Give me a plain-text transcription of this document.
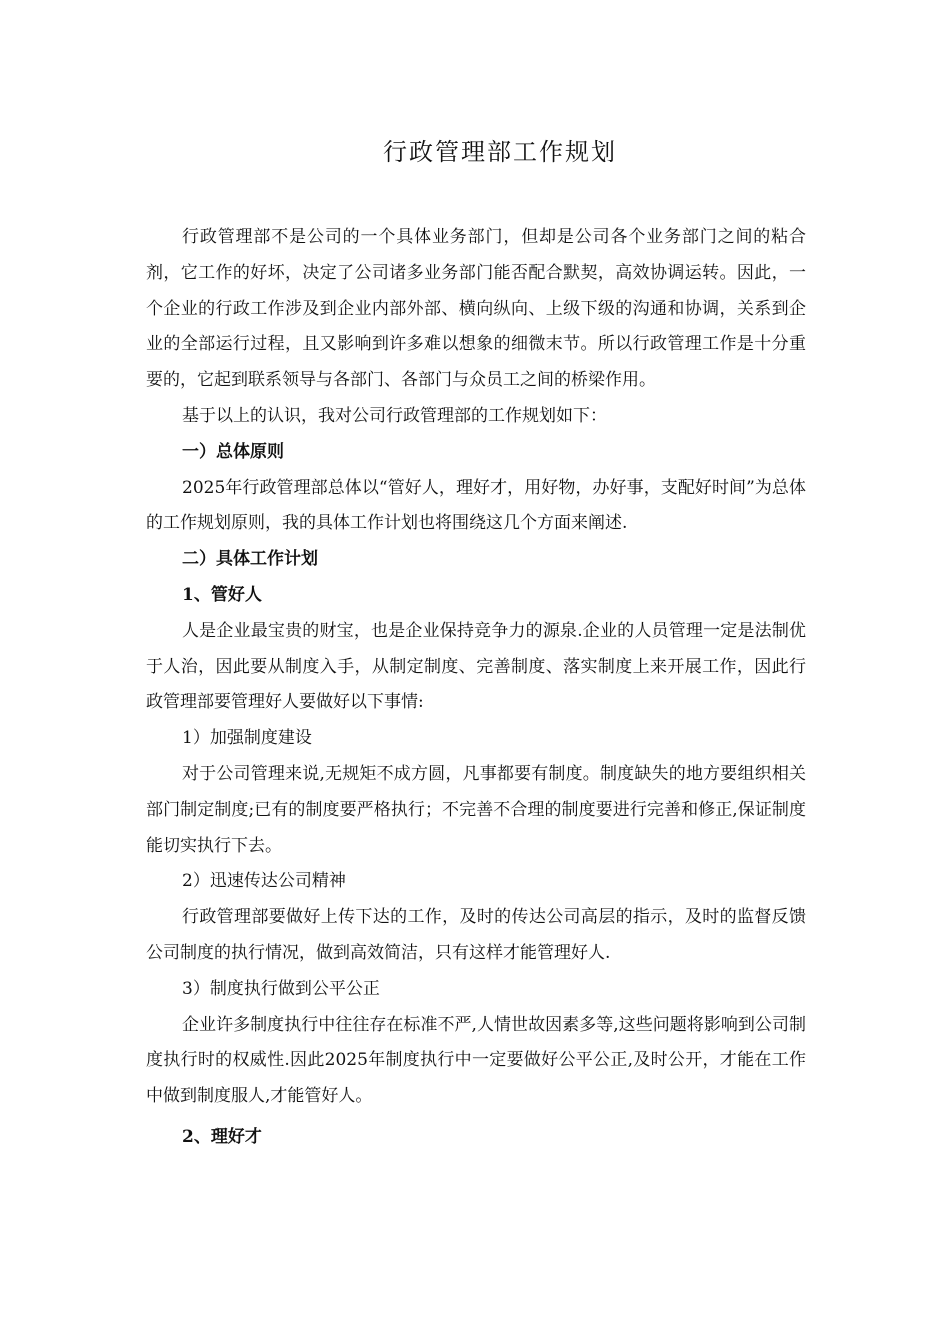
行政管理部工作规划

行政管理部不是公司的一个具体业务部门，但却是公司各个业务部门之间的粘合剂，它工作的好坏，决定了公司诸多业务部门能否配合默契，高效协调运转。因此，一个企业的行政工作涉及到企业内部外部、横向纵向、上级下级的沟通和协调，关系到企业的全部运行过程，且又影响到许多难以想象的细微末节。所以行政管理工作是十分重要的，它起到联系领导与各部门、各部门与众员工之间的桥梁作用。

基于以上的认识，我对公司行政管理部的工作规划如下：

一）总体原则

2025年行政管理部总体以“管好人，理好才，用好物，办好事，支配好时间”为总体的工作规划原则，我的具体工作计划也将围绕这几个方面来阐述.

二）具体工作计划

1、管好人

人是企业最宝贵的财宝，也是企业保持竞争力的源泉.企业的人员管理一定是法制优于人治，因此要从制度入手，从制定制度、完善制度、落实制度上来开展工作，因此行政管理部要管理好人要做好以下事情:

1）加强制度建设

对于公司管理来说,无规矩不成方圆，凡事都要有制度。制度缺失的地方要组织相关部门制定制度;已有的制度要严格执行；不完善不合理的制度要进行完善和修正,保证制度能切实执行下去。

2）迅速传达公司精神

行政管理部要做好上传下达的工作，及时的传达公司高层的指示，及时的监督反馈公司制度的执行情况，做到高效简洁，只有这样才能管理好人.

3）制度执行做到公平公正

企业许多制度执行中往往存在标准不严,人情世故因素多等,这些问题将影响到公司制度执行时的权威性.因此2025年制度执行中一定要做好公平公正,及时公开，才能在工作中做到制度服人,才能管好人。

2、理好才
